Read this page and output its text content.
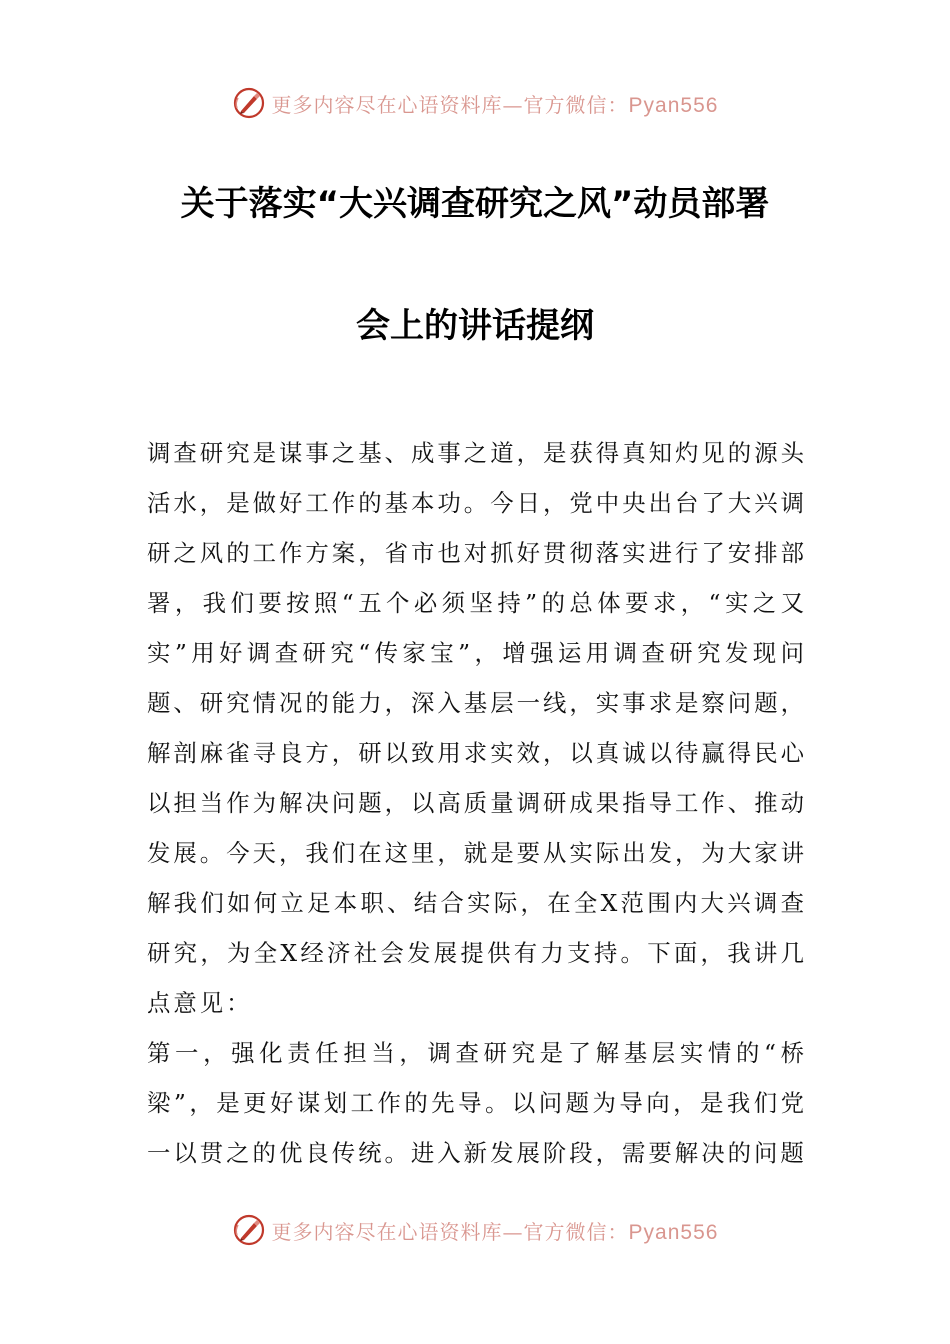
更多内容尽在心语资料库—官方微信：Pyan556
关于落实“大兴调查研究之风”动员部署
会上的讲话提纲

调查研究是谋事之基、成事之道，是获得真知灼见的源头活水，是做好工作的基本功。今日，党中央出台了大兴调研之风的工作方案，省市也对抓好贯彻落实进行了安排部署，我们要按照“五个必须坚持”的总体要求，“实之又实”用好调查研究“传家宝”，增强运用调查研究发现问题、研究情况的能力，深入基层一线，实事求是察问题，解剖麻雀寻良方，研以致用求实效，以真诚以待赢得民心以担当作为解决问题，以高质量调研成果指导工作、推动发展。今天，我们在这里，就是要从实际出发，为大家讲解我们如何立足本职、结合实际，在全X范围内大兴调查研究，为全X经济社会发展提供有力支持。下面，我讲几点意见：

第一，强化责任担当，调查研究是了解基层实情的“桥梁”，是更好谋划工作的先导。以问题为导向，是我们党一以贯之的优良传统。进入新发展阶段，需要解决的问题

更多内容尽在心语资料库—官方微信：Pyan556
